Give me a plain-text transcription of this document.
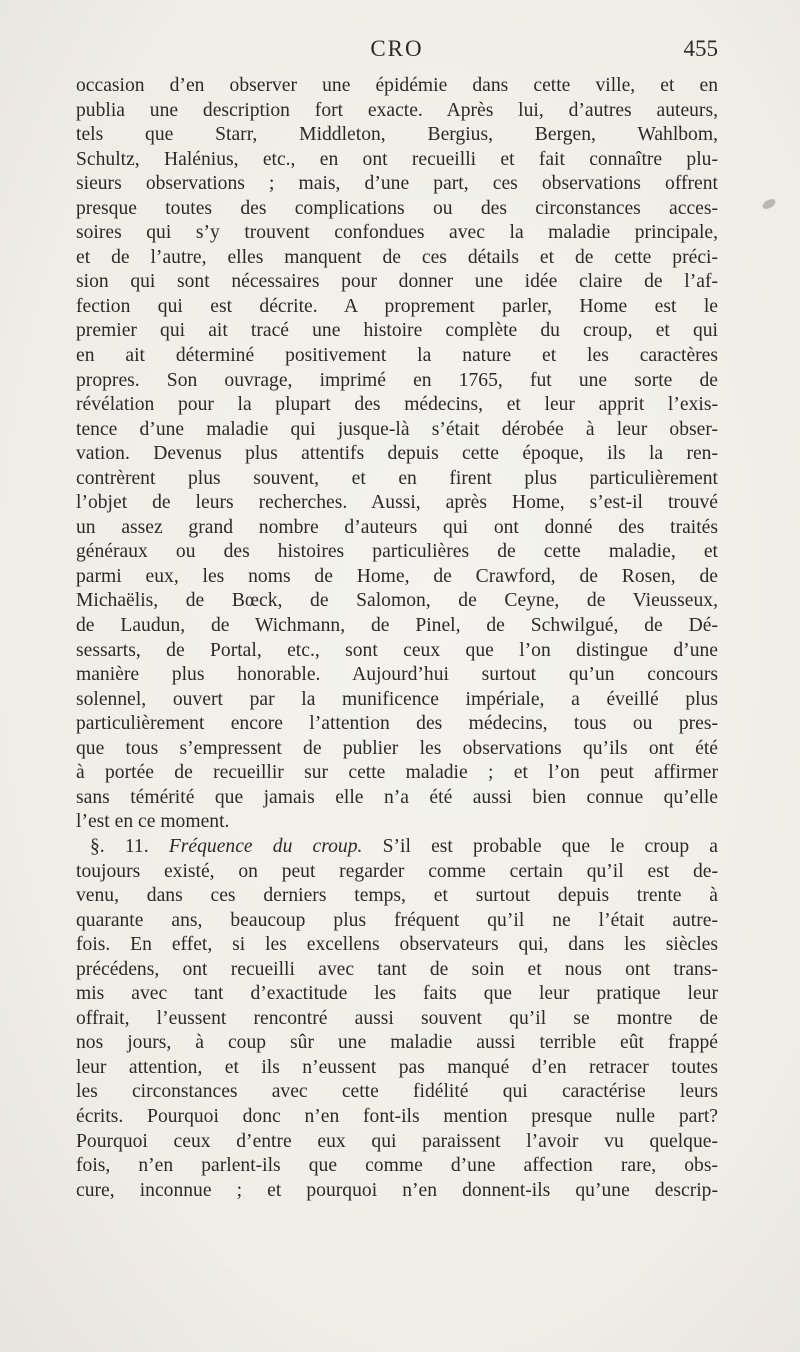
CRO	455
occasion d’en observer une épidémie dans cette ville, et en
publia une description fort exacte. Après lui, d’autres auteurs,
tels que Starr, Middleton, Bergius, Bergen, Wahlbom,
Schultz, Halénius, etc., en ont recueilli et fait connaître plu-
sieurs observations ; mais, d’une part, ces observations offrent
presque toutes des complications ou des circonstances acces-
soires qui s’y trouvent confondues avec la maladie principale,
et de l’autre, elles manquent de ces détails et de cette préci-
sion qui sont nécessaires pour donner une idée claire de l’af-
fection qui est décrite. A proprement parler, Home est le
premier qui ait tracé une histoire complète du croup, et qui
en ait déterminé positivement la nature et les caractères
propres. Son ouvrage, imprimé en 1765, fut une sorte de
révélation pour la plupart des médecins, et leur apprit l’exis-
tence d’une maladie qui jusque-là s’était dérobée à leur obser-
vation. Devenus plus attentifs depuis cette époque, ils la ren-
contrèrent plus souvent, et en firent plus particulièrement
l’objet de leurs recherches. Aussi, après Home, s’est-il trouvé
un assez grand nombre d’auteurs qui ont donné des traités
généraux ou des histoires particulières de cette maladie, et
parmi eux, les noms de Home, de Crawford, de Rosen, de
Michaëlis, de Bœck, de Salomon, de Ceyne, de Vieusseux,
de Laudun, de Wichmann, de Pinel, de Schwilgué, de Dé-
sessarts, de Portal, etc., sont ceux que l’on distingue d’une
manière plus honorable. Aujourd’hui surtout qu’un concours
solennel, ouvert par la munificence impériale, a éveillé plus
particulièrement encore l’attention des médecins, tous ou pres-
que tous s’empressent de publier les observations qu’ils ont été
à portée de recueillir sur cette maladie ; et l’on peut affirmer
sans témérité que jamais elle n’a été aussi bien connue qu’elle
l’est en ce moment.
§. 11. Fréquence du croup. S’il est probable que le croup a
toujours existé, on peut regarder comme certain qu’il est de-
venu, dans ces derniers temps, et surtout depuis trente à
quarante ans, beaucoup plus fréquent qu’il ne l’était autre-
fois. En effet, si les excellens observateurs qui, dans les siècles
précédens, ont recueilli avec tant de soin et nous ont trans-
mis avec tant d’exactitude les faits que leur pratique leur
offrait, l’eussent rencontré aussi souvent qu’il se montre de
nos jours, à coup sûr une maladie aussi terrible eût frappé
leur attention, et ils n’eussent pas manqué d’en retracer toutes
les circonstances avec cette fidélité qui caractérise leurs
écrits. Pourquoi donc n’en font-ils mention presque nulle part?
Pourquoi ceux d’entre eux qui paraissent l’avoir vu quelque-
fois, n’en parlent-ils que comme d’une affection rare, obs-
cure, inconnue ; et pourquoi n’en donnent-ils qu’une descrip-
